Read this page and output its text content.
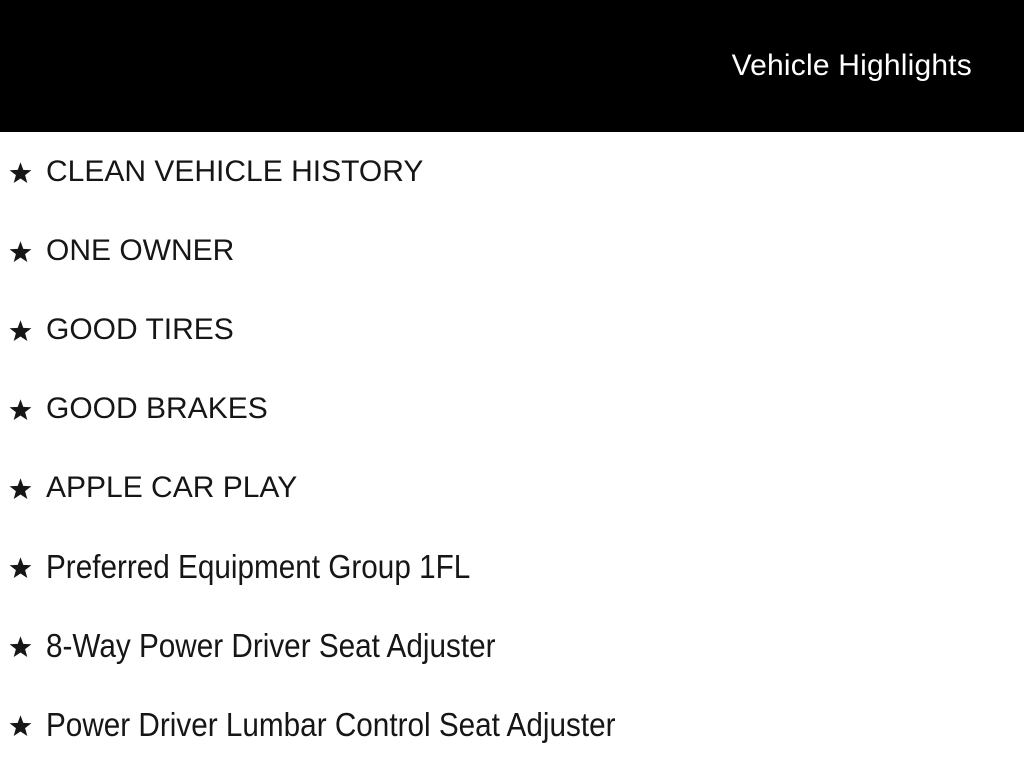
Vehicle Highlights
CLEAN VEHICLE HISTORY
ONE OWNER
GOOD TIRES
GOOD BRAKES
APPLE CAR PLAY
Preferred Equipment Group 1FL
8-Way Power Driver Seat Adjuster
Power Driver Lumbar Control Seat Adjuster
